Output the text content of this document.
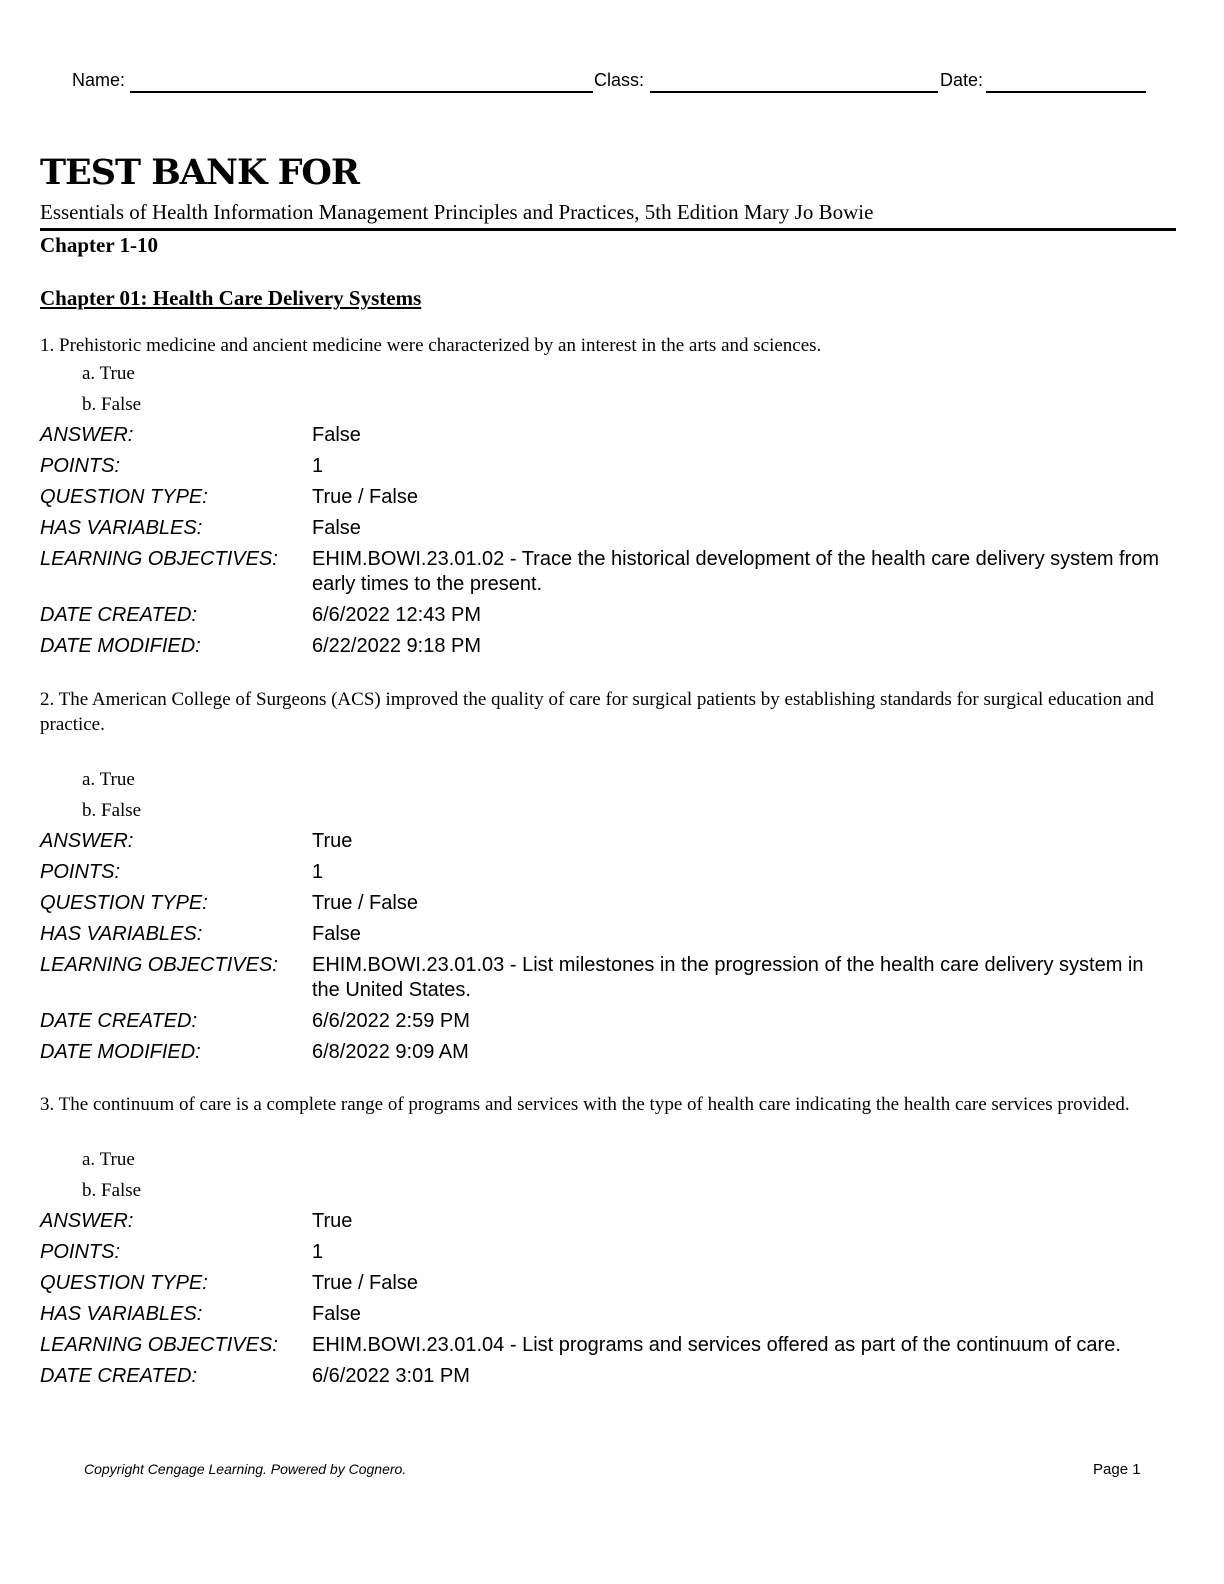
Name:	Class:	Date:
TEST BANK FOR
Essentials of Health Information Management Principles and Practices, 5th Edition Mary Jo Bowie
Chapter 1-10
Chapter 01: Health Care Delivery Systems

1. Prehistoric medicine and ancient medicine were characterized by an interest in the arts and sciences.

a. True
b. False
ANSWER:	False
POINTS:	1
QUESTION TYPE:	True / False
HAS VARIABLES:	False
LEARNING OBJECTIVES:	EHIM.BOWI.23.01.02 - Trace the historical development of the health care delivery system from early times to the present.
DATE CREATED:	6/6/2022 12:43 PM
DATE MODIFIED:	6/22/2022 9:18 PM

2. The American College of Surgeons (ACS) improved the quality of care for surgical patients by establishing standards for surgical education and practice.

a. True
b. False
ANSWER:	True
POINTS:	1
QUESTION TYPE:	True / False
HAS VARIABLES:	False
LEARNING OBJECTIVES:	EHIM.BOWI.23.01.03 - List milestones in the progression of the health care delivery system in the United States.
DATE CREATED:	6/6/2022 2:59 PM
DATE MODIFIED:	6/8/2022 9:09 AM

3. The continuum of care is a complete range of programs and services with the type of health care indicating the health care services provided.

a. True
b. False
ANSWER:	True
POINTS:	1
QUESTION TYPE:	True / False
HAS VARIABLES:	False
LEARNING OBJECTIVES:	EHIM.BOWI.23.01.04 - List programs and services offered as part of the continuum of care.
DATE CREATED:	6/6/2022 3:01 PM
Copyright Cengage Learning. Powered by Cognero.	Page 1
